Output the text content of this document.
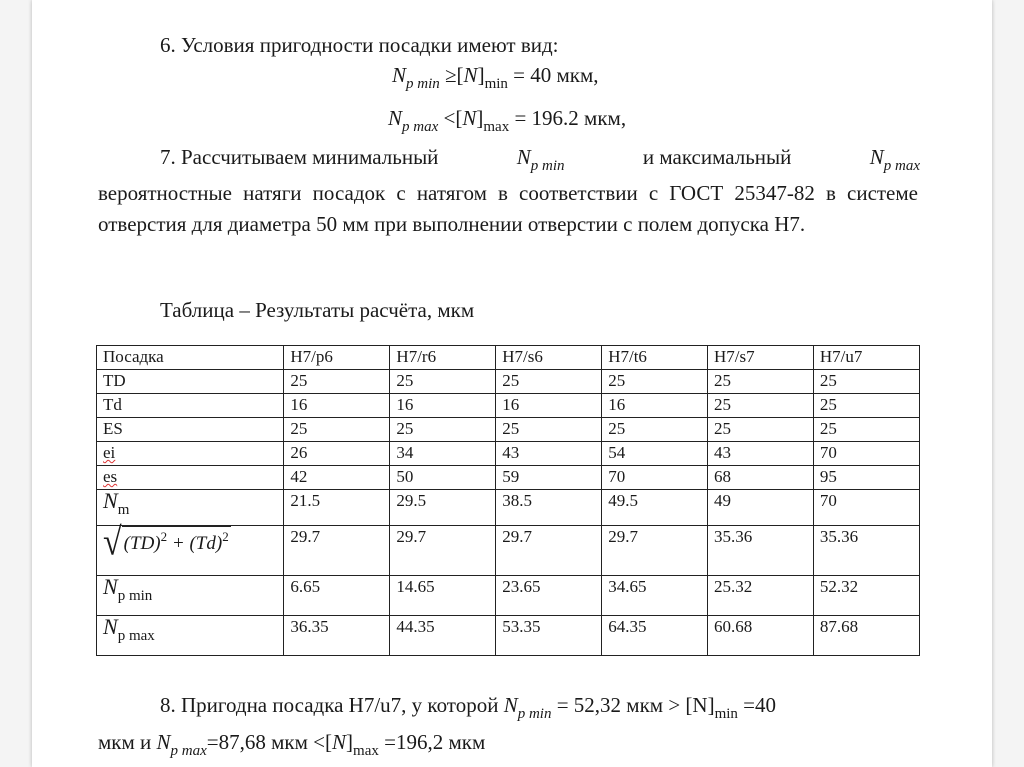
6. Условия пригодности посадки имеют вид:
$N_{p min} \ge[N]_{min} = 40$ мкм,
$N_{p max} <[N]_{max} = 196.2$ мкм,
7. Рассчитываем минимальный	$N_{p min}$	и максимальный	$N_{p max}$
вероятностные натяги посадок с натягом в соответствии с ГОСТ 25347-82 в системе отверстия для диаметра 50 мм при выполнении отверстии с полем допуска H7.
Таблица – Результаты расчёта, мкм
Посадка	H7/p6	H7/r6	H7/s6	H7/t6	H7/s7	H7/u7
TD	25	25	25	25	25	25
Td	16	16	16	16	25	25
ES	25	25	25	25	25	25
ei	26	34	43	54	43	70
es	42	50	59	70	68	95
$N_m$	21.5	29.5	38.5	49.5	49	70

√ $(TD)^2 + (Td)^2$	29.7	29.7	29.7	29.7	35.36	35.36
$N_{p min}$	6.65	14.65	23.65	34.65	25.32	52.32
$N_{p max}$	36.35	44.35	53.35	64.35	60.68	87.68
8. Пригодна посадка H7/u7, у которой $N_{p min} = 52,32$ мкм > $[N]_{min} =40$
мкм и $N_{p max}=87,68$ мкм $<[N]_{max} =196,2$ мкм
